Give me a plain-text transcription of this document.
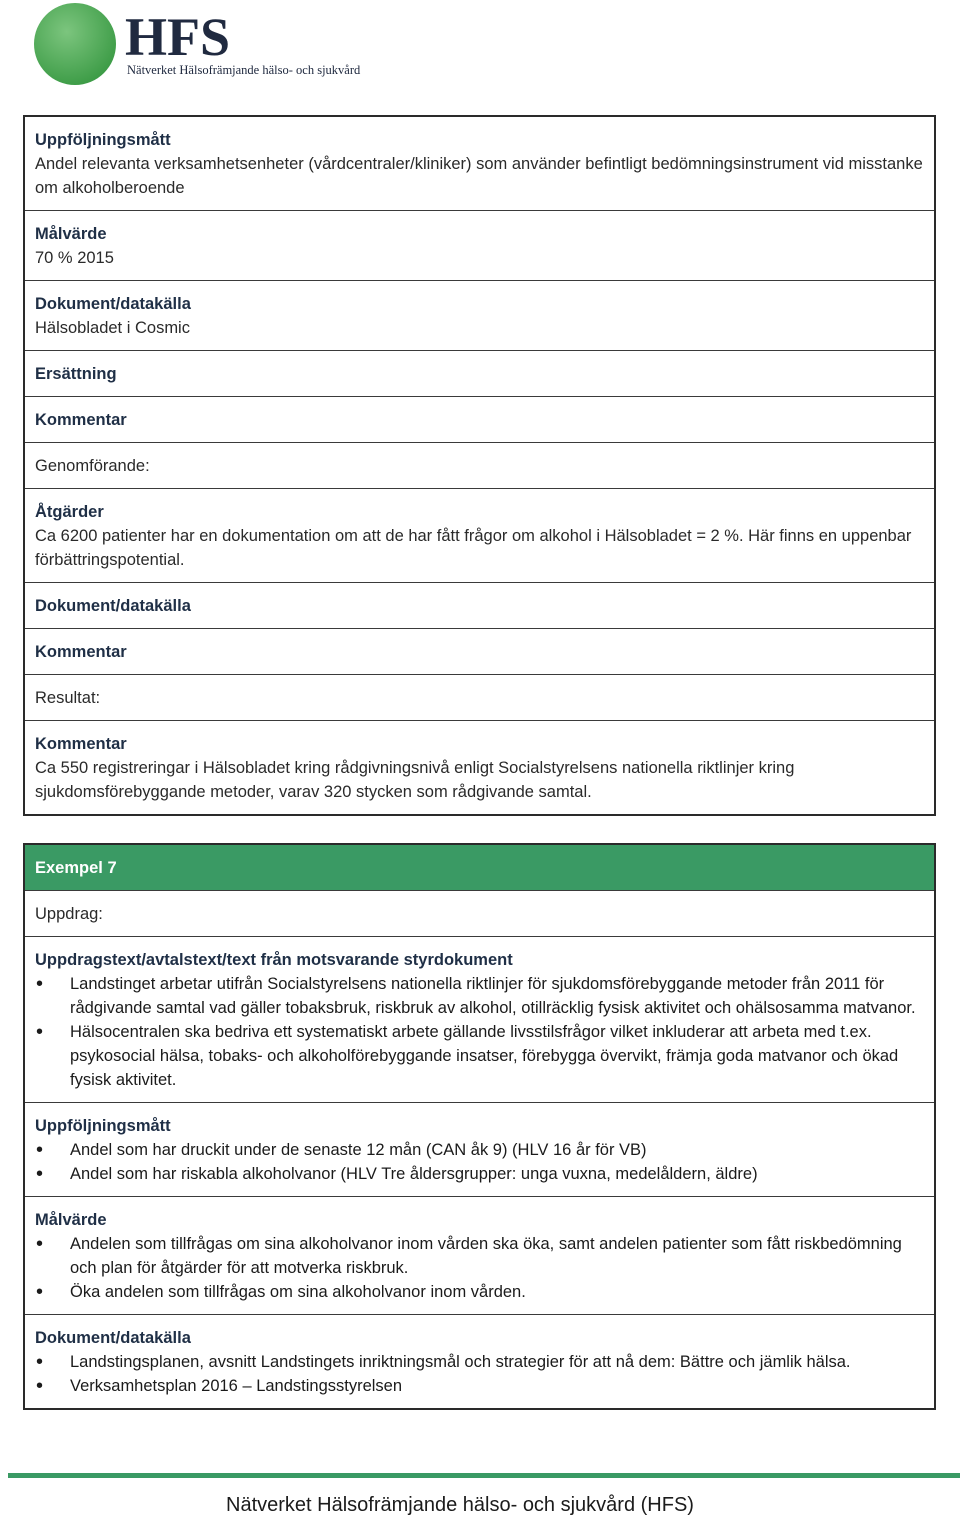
HFS
Nätverket Hälsofrämjande hälso- och sjukvård
Uppföljningsmått
Andel relevanta verksamhetsenheter (vårdcentraler/kliniker) som använder befintligt bedömningsinstrument vid misstanke om alkoholberoende
Målvärde
70 % 2015
Dokument/datakälla
Hälsobladet i Cosmic
Ersättning
Kommentar
Genomförande:
Åtgärder
Ca 6200 patienter har en dokumentation om att de har fått frågor om alkohol i Hälsobladet = 2 %. Här finns en uppenbar förbättringspotential.
Dokument/datakälla
Kommentar
Resultat:
Kommentar
Ca 550 registreringar i Hälsobladet kring rådgivningsnivå enligt Socialstyrelsens nationella riktlinjer kring sjukdomsförebyggande metoder, varav 320 stycken som rådgivande samtal.
Exempel 7
Uppdrag:
Uppdragstext/avtalstext/text från motsvarande styrdokument
• Landstinget arbetar utifrån Socialstyrelsens nationella riktlinjer för sjukdomsförebyggande metoder från 2011 för rådgivande samtal vad gäller tobaksbruk, riskbruk av alkohol, otillräcklig fysisk aktivitet och ohälsosamma matvanor.
• Hälsocentralen ska bedriva ett systematiskt arbete gällande livsstilsfrågor vilket inkluderar att arbeta med t.ex. psykosocial hälsa, tobaks- och alkoholförebyggande insatser, förebygga övervikt, främja goda matvanor och ökad fysisk aktivitet.
Uppföljningsmått
• Andel som har druckit under de senaste 12 mån (CAN åk 9) (HLV 16 år för VB)
• Andel som har riskabla alkoholvanor (HLV Tre åldersgrupper: unga vuxna, medelåldern, äldre)
Målvärde
• Andelen som tillfrågas om sina alkoholvanor inom vården ska öka, samt andelen patienter som fått riskbedömning och plan för åtgärder för att motverka riskbruk.
• Öka andelen som tillfrågas om sina alkoholvanor inom vården.
Dokument/datakälla
• Landstingsplanen, avsnitt Landstingets inriktningsmål och strategier för att nå dem: Bättre och jämlik hälsa.
• Verksamhetsplan 2016 – Landstingsstyrelsen
Nätverket Hälsofrämjande hälso- och sjukvård (HFS)
